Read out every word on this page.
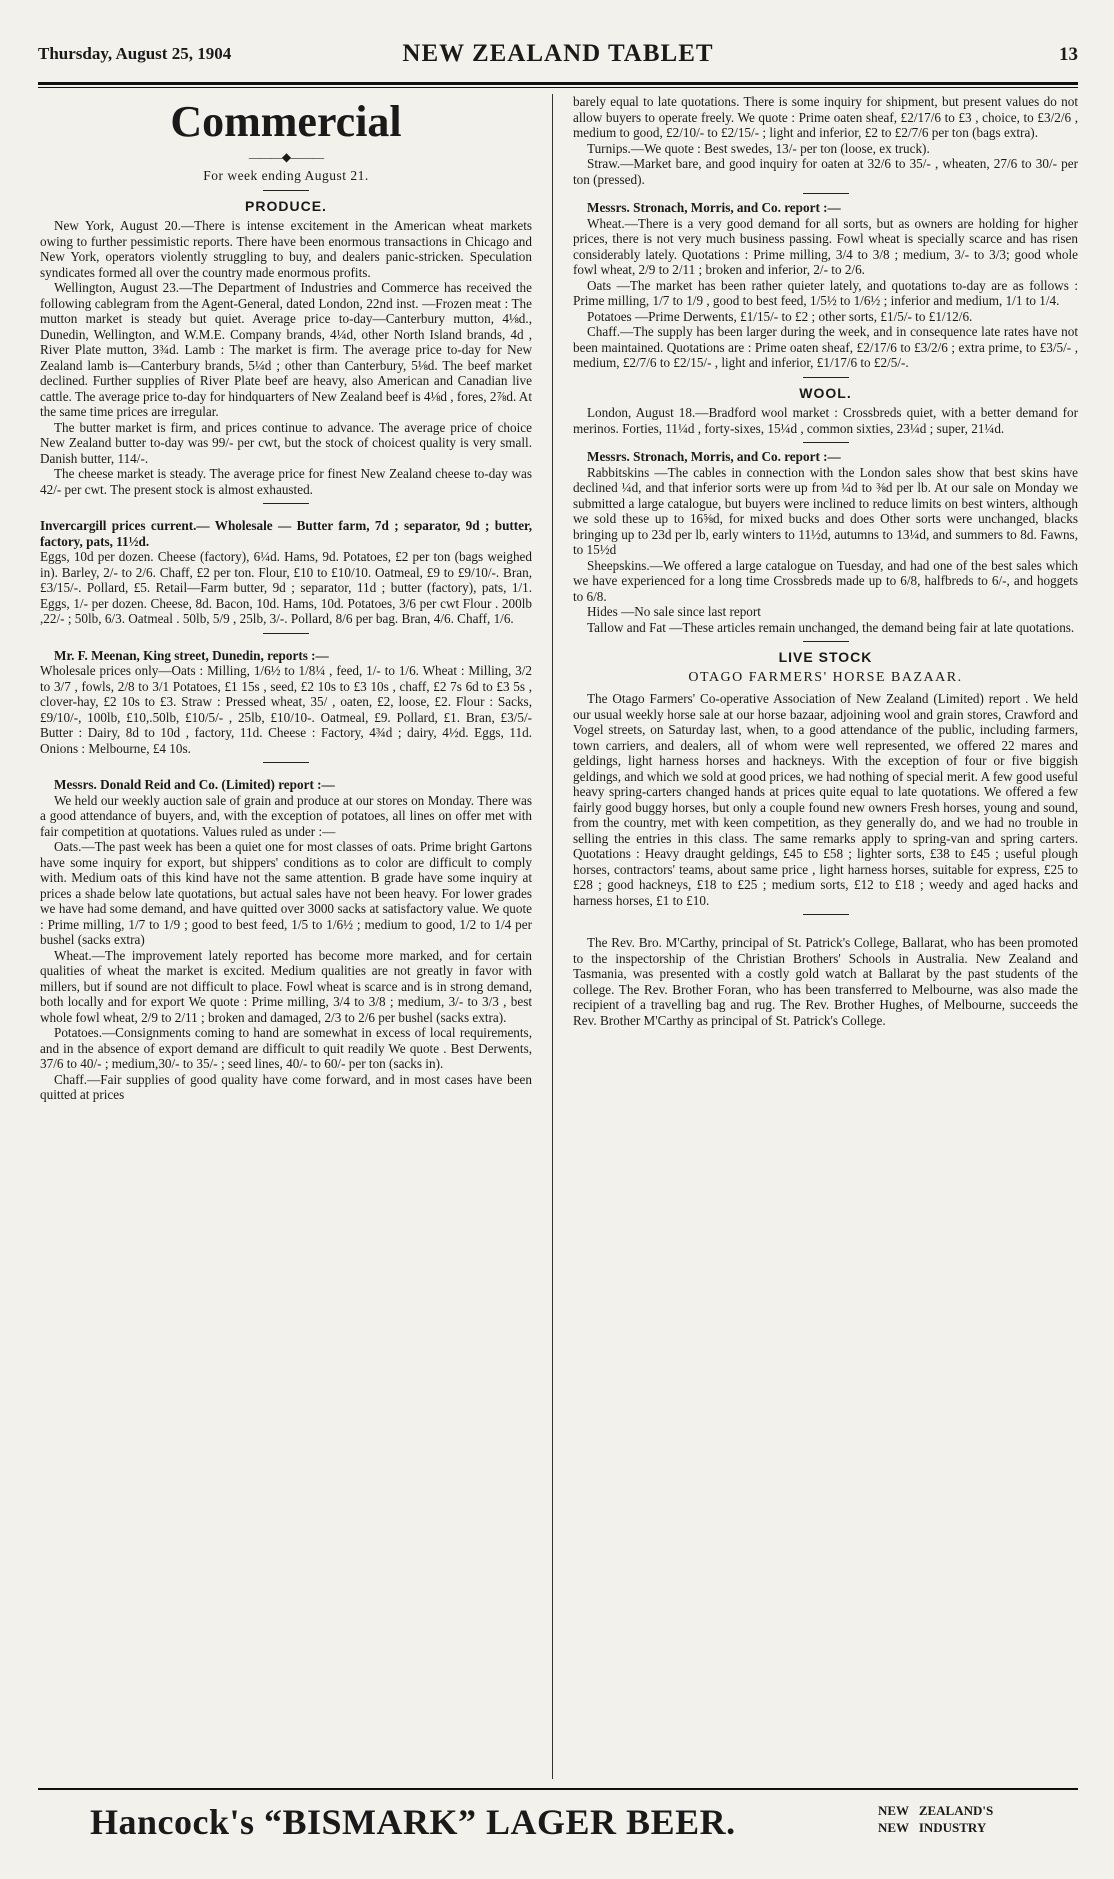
Thursday, August 25, 1904	NEW ZEALAND TABLET	13
Commercial
———◆———
For week ending August 21.
PRODUCE.

New York, August 20.—There is intense excitement in the American wheat markets owing to further pessimistic reports. There have been enormous transactions in Chicago and New York, operators violently struggling to buy, and dealers panic-stricken. Speculation syndicates formed all over the country made enormous profits.

Wellington, August 23.—The Department of Industries and Commerce has received the following cablegram from the Agent-General, dated London, 22nd inst. —Frozen meat : The mutton market is steady but quiet. Average price to-day—Canterbury mutton, 4⅛d., Dunedin, Wellington, and W.M.E. Company brands, 4¼d, other North Island brands, 4d , River Plate mutton, 3¾d. Lamb : The market is firm. The average price to-day for New Zealand lamb is—Canterbury brands, 5¼d ; other than Canterbury, 5⅛d. The beef market declined. Further supplies of River Plate beef are heavy, also American and Canadian live cattle. The average price to-day for hindquarters of New Zealand beef is 4⅛d , fores, 2⅞d. At the same time prices are irregular.

The butter market is firm, and prices continue to advance. The average price of choice New Zealand butter to-day was 99/- per cwt, but the stock of choicest quality is very small. Danish butter, 114/-.

The cheese market is steady. The average price for finest New Zealand cheese to-day was 42/- per cwt. The present stock is almost exhausted.

Invercargill prices current.— Wholesale — Butter farm, 7d ; separator, 9d ; butter, factory, pats, 11½d.

Eggs, 10d per dozen. Cheese (factory), 6¼d. Hams, 9d. Potatoes, £2 per ton (bags weighed in). Barley, 2/- to 2/6. Chaff, £2 per ton. Flour, £10 to £10/10. Oatmeal, £9 to £9/10/-. Bran, £3/15/-. Pollard, £5. Retail—Farm butter, 9d ; separator, 11d ; butter (factory), pats, 1/1. Eggs, 1/- per dozen. Cheese, 8d. Bacon, 10d. Hams, 10d. Potatoes, 3/6 per cwt Flour . 200lb ,22/- ; 50lb, 6/3. Oatmeal . 50lb, 5/9 , 25lb, 3/-. Pollard, 8/6 per bag. Bran, 4/6. Chaff, 1/6.

Mr. F. Meenan, King street, Dunedin, reports :—

Wholesale prices only—Oats : Milling, 1/6½ to 1/8¼ , feed, 1/- to 1/6. Wheat : Milling, 3/2 to 3/7 , fowls, 2/8 to 3/1 Potatoes, £1 15s , seed, £2 10s to £3 10s , chaff, £2 7s 6d to £3 5s , clover-hay, £2 10s to £3. Straw : Pressed wheat, 35/ , oaten, £2, loose, £2. Flour : Sacks, £9/10/-, 100lb, £10,.50lb, £10/5/- , 25lb, £10/10-. Oatmeal, £9. Pollard, £1. Bran, £3/5/- Butter : Dairy, 8d to 10d , factory, 11d. Cheese : Factory, 4¾d ; dairy, 4½d. Eggs, 11d. Onions : Melbourne, £4 10s.

Messrs. Donald Reid and Co. (Limited) report :—

We held our weekly auction sale of grain and produce at our stores on Monday. There was a good attendance of buyers, and, with the exception of potatoes, all lines on offer met with fair competition at quotations. Values ruled as under :—

Oats.—The past week has been a quiet one for most classes of oats. Prime bright Gartons have some inquiry for export, but shippers' conditions as to color are difficult to comply with. Medium oats of this kind have not the same attention. B grade have some inquiry at prices a shade below late quotations, but actual sales have not been heavy. For lower grades we have had some demand, and have quitted over 3000 sacks at satisfactory value. We quote : Prime milling, 1/7 to 1/9 ; good to best feed, 1/5 to 1/6½ ; medium to good, 1/2 to 1/4 per bushel (sacks extra)

Wheat.—The improvement lately reported has become more marked, and for certain qualities of wheat the market is excited. Medium qualities are not greatly in favor with millers, but if sound are not difficult to place. Fowl wheat is scarce and is in strong demand, both locally and for export We quote : Prime milling, 3/4 to 3/8 ; medium, 3/- to 3/3 , best whole fowl wheat, 2/9 to 2/11 ; broken and damaged, 2/3 to 2/6 per bushel (sacks extra).

Potatoes.—Consignments coming to hand are somewhat in excess of local requirements, and in the absence of export demand are difficult to quit readily We quote . Best Derwents, 37/6 to 40/- ; medium,30/- to 35/- ; seed lines, 40/- to 60/- per ton (sacks in).

Chaff.—Fair supplies of good quality have come forward, and in most cases have been quitted at prices

barely equal to late quotations. There is some inquiry for shipment, but present values do not allow buyers to operate freely. We quote : Prime oaten sheaf, £2/17/6 to £3 , choice, to £3/2/6 , medium to good, £2/10/- to £2/15/- ; light and inferior, £2 to £2/7/6 per ton (bags extra).

Turnips.—We quote : Best swedes, 13/- per ton (loose, ex truck).

Straw.—Market bare, and good inquiry for oaten at 32/6 to 35/- , wheaten, 27/6 to 30/- per ton (pressed).

Messrs. Stronach, Morris, and Co. report :—

Wheat.—There is a very good demand for all sorts, but as owners are holding for higher prices, there is not very much business passing. Fowl wheat is specially scarce and has risen considerably lately. Quotations : Prime milling, 3/4 to 3/8 ; medium, 3/- to 3/3; good whole fowl wheat, 2/9 to 2/11 ; broken and inferior, 2/- to 2/6.

Oats —The market has been rather quieter lately, and quotations to-day are as follows : Prime milling, 1/7 to 1/9 , good to best feed, 1/5½ to 1/6½ ; inferior and medium, 1/1 to 1/4.

Potatoes —Prime Derwents, £1/15/- to £2 ; other sorts, £1/5/- to £1/12/6.

Chaff.—The supply has been larger during the week, and in consequence late rates have not been maintained. Quotations are : Prime oaten sheaf, £2/17/6 to £3/2/6 ; extra prime, to £3/5/- , medium, £2/7/6 to £2/15/- , light and inferior, £1/17/6 to £2/5/-.

WOOL.

London, August 18.—Bradford wool market : Crossbreds quiet, with a better demand for merinos. Forties, 11¼d , forty-sixes, 15¼d , common sixties, 23¼d ; super, 21¼d.

Messrs. Stronach, Morris, and Co. report :—

Rabbitskins —The cables in connection with the London sales show that best skins have declined ¼d, and that inferior sorts were up from ¼d to ⅜d per lb. At our sale on Monday we submitted a large catalogue, but buyers were inclined to reduce limits on best winters, although we sold these up to 16⅝d, for mixed bucks and does Other sorts were unchanged, blacks bringing up to 23d per lb, early winters to 11½d, autumns to 13¼d, and summers to 8d. Fawns, to 15½d

Sheepskins.—We offered a large catalogue on Tuesday, and had one of the best sales which we have experienced for a long time Crossbreds made up to 6/8, halfbreds to 6/-, and hoggets to 6/8.

Hides —No sale since last report

Tallow and Fat —These articles remain unchanged, the demand being fair at late quotations.

LIVE STOCK
OTAGO FARMERS' HORSE BAZAAR.

The Otago Farmers' Co-operative Association of New Zealand (Limited) report . We held our usual weekly horse sale at our horse bazaar, adjoining wool and grain stores, Crawford and Vogel streets, on Saturday last, when, to a good attendance of the public, including farmers, town carriers, and dealers, all of whom were well represented, we offered 22 mares and geldings, light harness horses and hackneys. With the exception of four or five biggish geldings, and which we sold at good prices, we had nothing of special merit. A few good useful heavy spring-carters changed hands at prices quite equal to late quotations. We offered a few fairly good buggy horses, but only a couple found new owners Fresh horses, young and sound, from the country, met with keen competition, as they generally do, and we had no trouble in selling the entries in this class. The same remarks apply to spring-van and spring carters. Quotations : Heavy draught geldings, £45 to £58 ; lighter sorts, £38 to £45 ; useful plough horses, contractors' teams, about same price , light harness horses, suitable for express, £25 to £28 ; good hackneys, £18 to £25 ; medium sorts, £12 to £18 ; weedy and aged hacks and harness horses, £1 to £10.

The Rev. Bro. M'Carthy, principal of St. Patrick's College, Ballarat, who has been promoted to the inspectorship of the Christian Brothers' Schools in Australia. New Zealand and Tasmania, was presented with a costly gold watch at Ballarat by the past students of the college. The Rev. Brother Foran, who has been transferred to Melbourne, was also made the recipient of a travelling bag and rug. The Rev. Brother Hughes, of Melbourne, succeeds the Rev. Brother M'Carthy as principal of St. Patrick's College.

Hancock's “BISMARK” LAGER BEER.	NEW ZEALAND'S
NEW INDUSTRY
